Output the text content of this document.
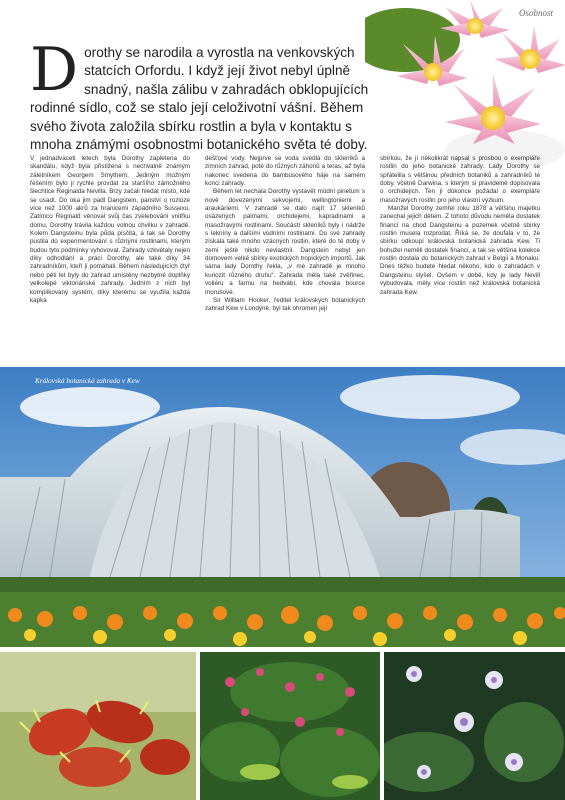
Osobnost
Dorothy se narodila a vyrostla na venkovských statcích Orfordu. I když její život nebyl úplně snadný, našla zálibu v zahradách obklopujících rodinné sídlo, což se stalo její celoživotní vášní. Během svého života založila sbírku rostlin a byla v kontaktu s mnoha známými osobnostmi botanického světa té doby.

V jednadvaceti letech byla Dorothy zapletena do skandálu, když byla přistižena s nechvalně známým záletníkem Georgem Smythem. Jediným možným řešením bylo ji rychle provdat za staršího zámožného šlechtice Reginalda Nevilla. Brzy začali hledat místo, kde se usadí. Do oka jim padl Dangstein, panství o rozloze více než 1000 akrů za hranicemi západního Sussexu. Zatímco Reginald věnoval svůj čas zvelebování vnitřku domu, Dorothy trávila každou volnou chvilku v zahradě. Kolem Dangsteinu byla půda písčitá, a tak se Dorothy pustila do experimentování s různými rostlinami, kterým budou tyto podmínky vyhovovat. Zahrady vzkvétaly nejen díky odhodlání a práci Dorothy, ale také díky 34 zahradníkům, kteří jí pomáhali. Během následujících čtyř nebo pěti let byly do zahrad umístěny nezbytné doplňky velkolepé viktoriánské zahrady. Jedním z nich byl komplikovaný systém, díky kterému se využila každá kapka

dešťové vody. Nejprve se voda svedla do skleníků a zimních zahrad, poté do různých záhonů a teras, až byla nakonec svedena do bambusového háje na samém konci zahrady.

Během let nechala Dorothy vystavět módní pinetum s nově dovezenými sekvojemi, wellingtoniemi a araukáriemi. V zahradě se dalo najít 17 skleníků osázených palmami, orchidejemi, kapradinami a masožravými rostlinami. Součástí skleníků byly i nádrže s lekníny a dalšími vodními rostlinami. Do své zahrady získala také mnoho vzácných rostlin, které do té doby v zemi ještě nikdo nevlastnil. Dangstein nebyl jen domovem velké sbírky exotických tropických importů. Jak sama lady Dorothy řekla, „v mé zahradě je mnoho kuriozit různého druhu“. Zahrada měla také zvěřinec, voliéru a farmu na hedvábí, kde chovala bource morušové.

Sir William Hooker, ředitel královských botanických zahrad Kew v Londýně, byl tak ohromen její

sbírkou, že jí několikrát napsal s prosbou o exempláře rostlin do jeho botanické zahrady. Lady Dorothy se spřátelila s většinou předních botaniků a zahradníků té doby, včetně Darwina, s kterým si pravidelně dopisovala o orchidejích. Ten jí dokonce požádal o exempláře masožravých rostlin pro jeho vlastní výzkum.

Manžel Dorothy zemřel roku 1878 a většinu majetku zanechal jejich dětem. Z tohoto důvodu neměla dostatek financí na chod Dangsteinu a pozemek včetně sbírky rostlin musela rozprodat. Říká se, že doufala v to, že sbírku odkoupí královská botanická zahrada Kew. Ti bohužel neměli dostatek financí, a tak se většina kolekce rostlin dostala do botanických zahrad v Belgii a Monaku. Dnes těžko budete hledat někoho, kdo o zahradách v Dangsteinu slyšel. Ovšem v době, kdy je lady Nevill vybudovala, měly více rostlin než královská botanická zahrada Kew.

Královská botanická zahrada v Kew
